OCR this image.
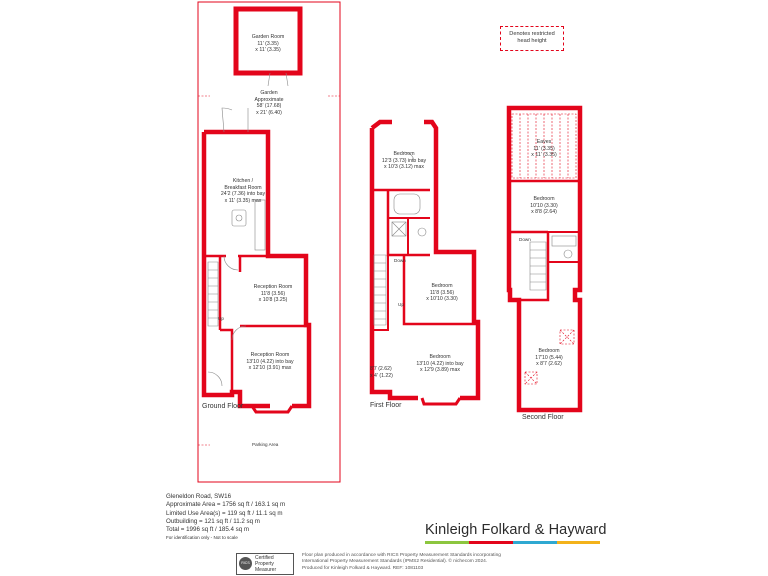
Denotes restricted
head height
Garden Room
11' (3.35)
x 11' (3.35)
Garden
Approximate
58' (17.68)
x 21' (6.40)
Kitchen /
Breakfast Room
24'2 (7.36) into bay
x 11' (3.35) max
Reception Room
11'8 (3.56)
x 10'8 (3.25)
Reception Room
13'10 (4.22) into bay
x 12'10 (3.91) max
Up
Ground Floor
Parking Area
Bedroom
12'3 (3.73) into bay
x 10'3 (3.12) max
Bedroom
11'8 (3.56)
x 10'10 (3.30)
Bedroom
13'10 (4.22) into bay
x 12'9 (3.89) max
8'7 (2.62)
x 4' (1.22)
Down
Up
First Floor
Eaves
11' (3.35)
x 11' (3.35)
Bedroom
10'10 (3.30)
x 8'8 (2.64)
Bedroom
17'10 (5.44)
x 8'7 (2.62)
Down
Second Floor
Gleneldon Road, SW16
Approximate Area = 1756 sq ft / 163.1 sq m
Limited Use Area(s) = 119 sq ft / 11.1 sq m
Outbuilding = 121 sq ft / 11.2 sq m
Total = 1996 sq ft / 185.4 sq m
For identification only - Not to scale	Kinleigh Folkard & Hayward
RICS
Certified
Property
Measurer
Floor plan produced in accordance with RICS Property Measurement Standards incorporating
International Property Measurement Standards (IPMS2 Residential). © nichecom 2024.
Produced for Kinleigh Folkard & Hayward. REF: 1081103
